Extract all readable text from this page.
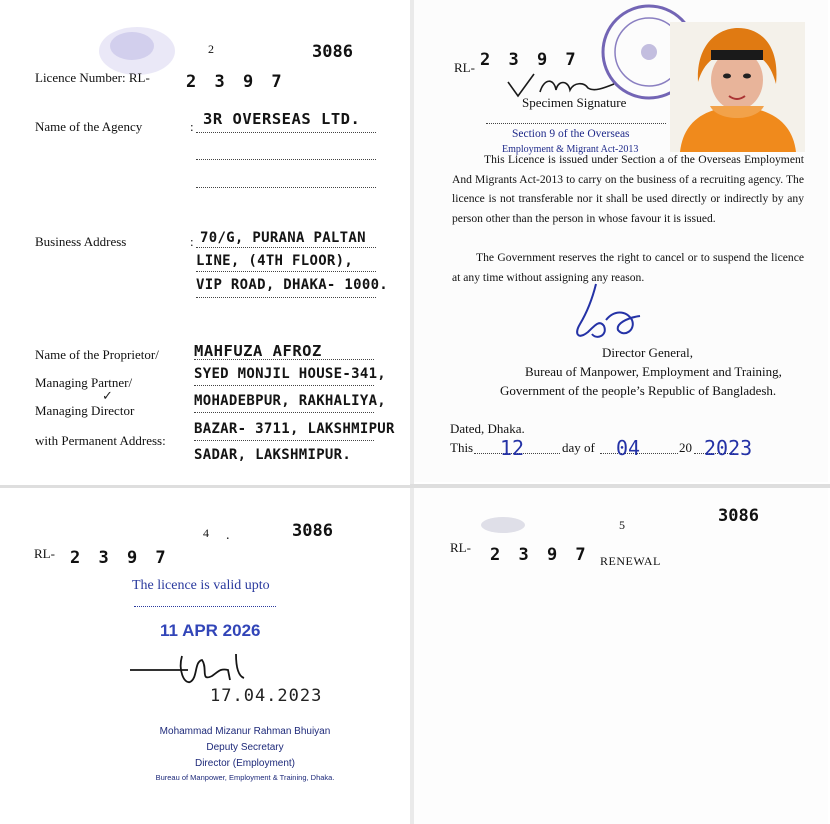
2	3086
Licence Number: RL- 2 3 9 7
Name of the Agency	: 3R OVERSEAS LTD.
Business Address	: 70/G, PURANA PALTAN
LINE, (4TH FLOOR),
VIP ROAD, DHAKA- 1000.
Name of the Proprietor/
Managing Partner/
Managing Director
✓
with Permanent Address:
MAHFUZA AFROZ
SYED MONJIL HOUSE-341,
MOHADEBPUR, RAKHALIYA,
BAZAR- 3711, LAKSHMIPUR
SADAR, LAKSHMIPUR.
RL- 2 3 9 7
Specimen Signature
Section 9 of the Overseas
Employment & Migrant Act-2013

This Licence is issued under Section a of the Overseas Employment And Migrants Act-2013 to carry on the business of a recruiting agency. The licence is not transferable nor it shall be used directly or indirectly by any person other than the person in whose favour it is issued.

The Government reserves the right to cancel or to suspend the licence at any time without assigning any reason.

Director General,
Bureau of Manpower, Employment and Training,
Government of the people’s Republic of Bangladesh.
Dated, Dhaka.
This 12	day of 04	20 2023
4 .	3086
RL- 2 3 9 7
The licence is valid upto
11 APR 2026
17.04.2023
Mohammad Mizanur Rahman Bhuiyan
Deputy Secretary
Director (Employment)
Bureau of Manpower, Employment & Training, Dhaka.
5	3086
RL- 2 3 9 7 RENEWAL
